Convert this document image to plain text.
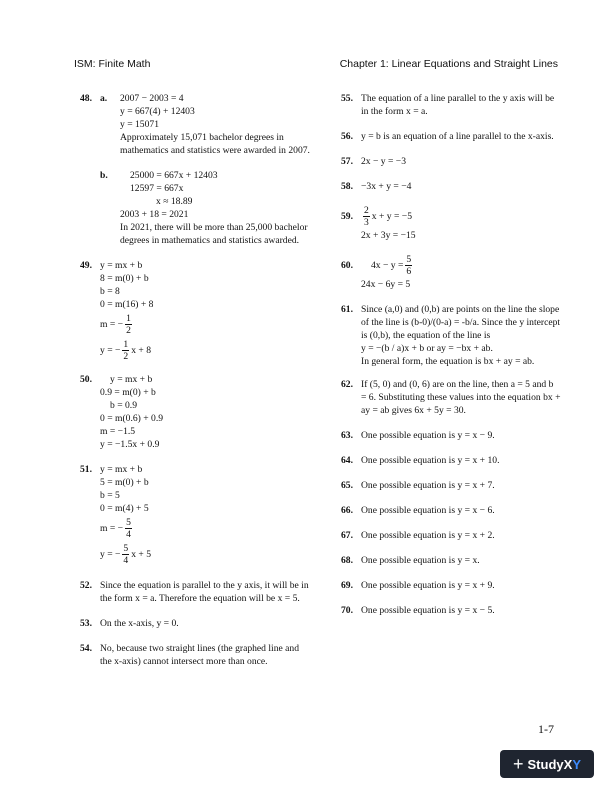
ISM: Finite Math	Chapter 1: Linear Equations and Straight Lines
48. a. 2007 − 2003 = 4
y = 667(4) + 12403
y = 15071
Approximately 15,071 bachelor degrees in mathematics and statistics were awarded in 2007.
b.	25000 = 667x + 12403
12597 = 667x
x ≈ 18.89
2003 + 18 = 2021
In 2021, there will be more than 25,000 bachelor degrees in mathematics and statistics awarded.
49. y = mx + b
8 = m(0) + b
b = 8
0 = m(16) + 8
m = − $\frac{1}{2}$
y = − $\frac{1}{2}$ x + 8
50.	y = mx + b
0.9 = m(0) + b
b = 0.9
0 = m(0.6) + 0.9
m = −1.5
y = −1.5x + 0.9
51. y = mx + b
5 = m(0) + b
b = 5
0 = m(4) + 5
m = − $\frac{5}{4}$
y = − $\frac{5}{4}$ x + 5
52. Since the equation is parallel to the y axis, it will be in the form x = a. Therefore the equation will be x = 5.
53. On the x-axis, y = 0.
54. No, because two straight lines (the graphed line and the x-axis) cannot intersect more than once.
55. The equation of a line parallel to the y axis will be in the form x = a.
56. y = b is an equation of a line parallel to the x-axis.
57. 2x − y = −3
58. −3x + y = −4
59. $\frac{2}{3}$ x + y = −5
2x + 3y = −15
60. $4x - y = \frac{5}{6}$
24x − 6y = 5
61. Since (a,0) and (0,b) are points on the line the slope of the line is (b-0)/(0-a) = -b/a. Since the y intercept is (0,b), the equation of the line is
y = −(b / a)x + b or ay = −bx + ab.
In general form, the equation is bx + ay = ab.
62. If (5, 0) and (0, 6) are on the line, then a = 5 and b = 6. Substituting these values into the equation bx + ay = ab gives 6x + 5y = 30.
63. One possible equation is y = x − 9.
64. One possible equation is y = x + 10.
65. One possible equation is y = x + 7.
66. One possible equation is y = x − 6.
67. One possible equation is y = x + 2.
68. One possible equation is y = x.
69. One possible equation is y = x + 9.
70. One possible equation is y = x − 5.
1-7
+ StudyX Y
